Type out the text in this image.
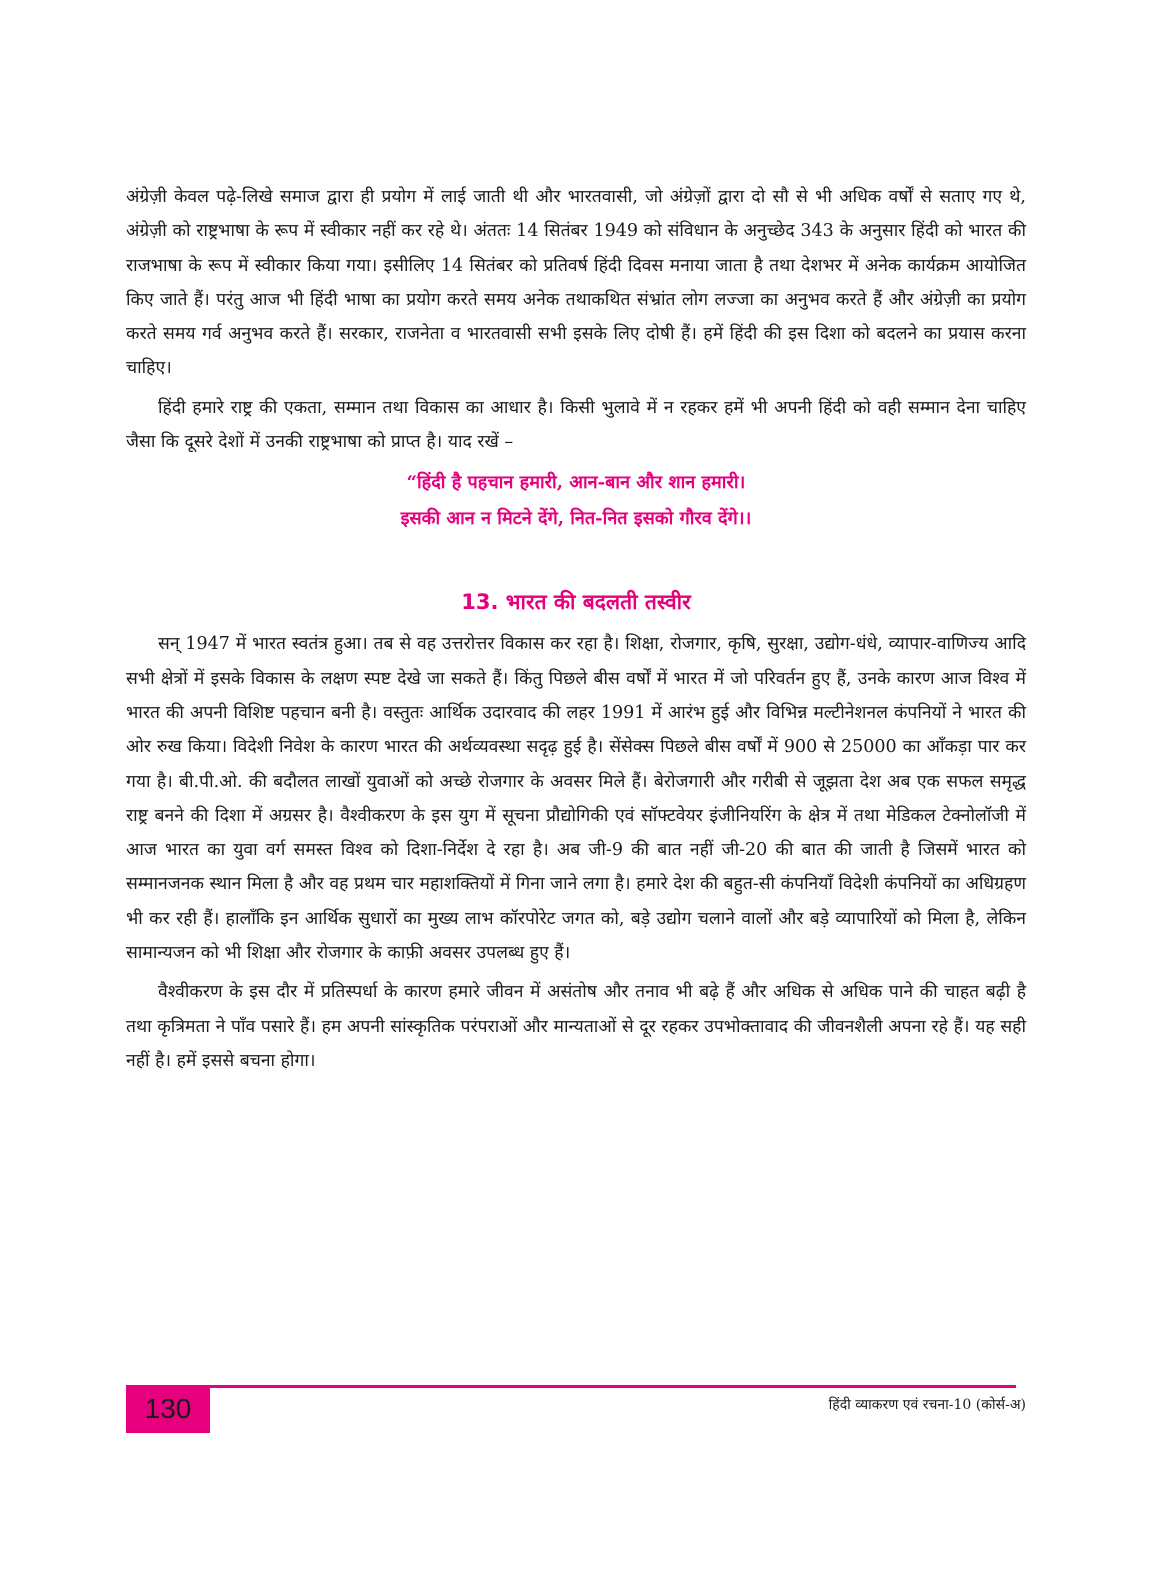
अंग्रेज़ी केवल पढ़े-लिखे समाज द्वारा ही प्रयोग में लाई जाती थी और भारतवासी, जो अंग्रेज़ों द्वारा दो सौ से भी अधिक वर्षों से सताए गए थे, अंग्रेज़ी को राष्ट्रभाषा के रूप में स्वीकार नहीं कर रहे थे। अंततः 14 सितंबर 1949 को संविधान के अनुच्छेद 343 के अनुसार हिंदी को भारत की राजभाषा के रूप में स्वीकार किया गया। इसीलिए 14 सितंबर को प्रतिवर्ष हिंदी दिवस मनाया जाता है तथा देशभर में अनेक कार्यक्रम आयोजित किए जाते हैं। परंतु आज भी हिंदी भाषा का प्रयोग करते समय अनेक तथाकथित संभ्रांत लोग लज्जा का अनुभव करते हैं और अंग्रेज़ी का प्रयोग करते समय गर्व अनुभव करते हैं। सरकार, राजनेता व भारतवासी सभी इसके लिए दोषी हैं। हमें हिंदी की इस दिशा को बदलने का प्रयास करना चाहिए।

हिंदी हमारे राष्ट्र की एकता, सम्मान तथा विकास का आधार है। किसी भुलावे में न रहकर हमें भी अपनी हिंदी को वही सम्मान देना चाहिए जैसा कि दूसरे देशों में उनकी राष्ट्रभाषा को प्राप्त है। याद रखें –

“हिंदी है पहचान हमारी, आन-बान और शान हमारी।
इसकी आन न मिटने देंगे, नित-नित इसको गौरव देंगे।।
13. भारत की बदलती तस्वीर

सन् 1947 में भारत स्वतंत्र हुआ। तब से वह उत्तरोत्तर विकास कर रहा है। शिक्षा, रोजगार, कृषि, सुरक्षा, उद्योग-धंधे, व्यापार-वाणिज्य आदि सभी क्षेत्रों में इसके विकास के लक्षण स्पष्ट देखे जा सकते हैं। किंतु पिछले बीस वर्षों में भारत में जो परिवर्तन हुए हैं, उनके कारण आज विश्व में भारत की अपनी विशिष्ट पहचान बनी है। वस्तुतः आर्थिक उदारवाद की लहर 1991 में आरंभ हुई और विभिन्न मल्टीनेशनल कंपनियों ने भारत की ओर रुख किया। विदेशी निवेश के कारण भारत की अर्थव्यवस्था सदृढ़ हुई है। सेंसेक्स पिछले बीस वर्षों में 900 से 25000 का आँकड़ा पार कर गया है। बी.पी.ओ. की बदौलत लाखों युवाओं को अच्छे रोजगार के अवसर मिले हैं। बेरोजगारी और गरीबी से जूझता देश अब एक सफल समृद्ध राष्ट्र बनने की दिशा में अग्रसर है। वैश्वीकरण के इस युग में सूचना प्रौद्योगिकी एवं सॉफ्टवेयर इंजीनियरिंग के क्षेत्र में तथा मेडिकल टेक्नोलॉजी में आज भारत का युवा वर्ग समस्त विश्व को दिशा-निर्देश दे रहा है। अब जी-9 की बात नहीं जी-20 की बात की जाती है जिसमें भारत को सम्मानजनक स्थान मिला है और वह प्रथम चार महाशक्तियों में गिना जाने लगा है। हमारे देश की बहुत-सी कंपनियाँ विदेशी कंपनियों का अधिग्रहण भी कर रही हैं। हालाँकि इन आर्थिक सुधारों का मुख्य लाभ कॉरपोरेट जगत को, बड़े उद्योग चलाने वालों और बड़े व्यापारियों को मिला है, लेकिन सामान्यजन को भी शिक्षा और रोजगार के काफ़ी अवसर उपलब्ध हुए हैं।

वैश्वीकरण के इस दौर में प्रतिस्पर्धा के कारण हमारे जीवन में असंतोष और तनाव भी बढ़े हैं और अधिक से अधिक पाने की चाहत बढ़ी है तथा कृत्रिमता ने पाँव पसारे हैं। हम अपनी सांस्कृतिक परंपराओं और मान्यताओं से दूर रहकर उपभोक्तावाद की जीवनशैली अपना रहे हैं। यह सही नहीं है। हमें इससे बचना होगा।

130	हिंदी व्याकरण एवं रचना-10 (कोर्स-अ)
